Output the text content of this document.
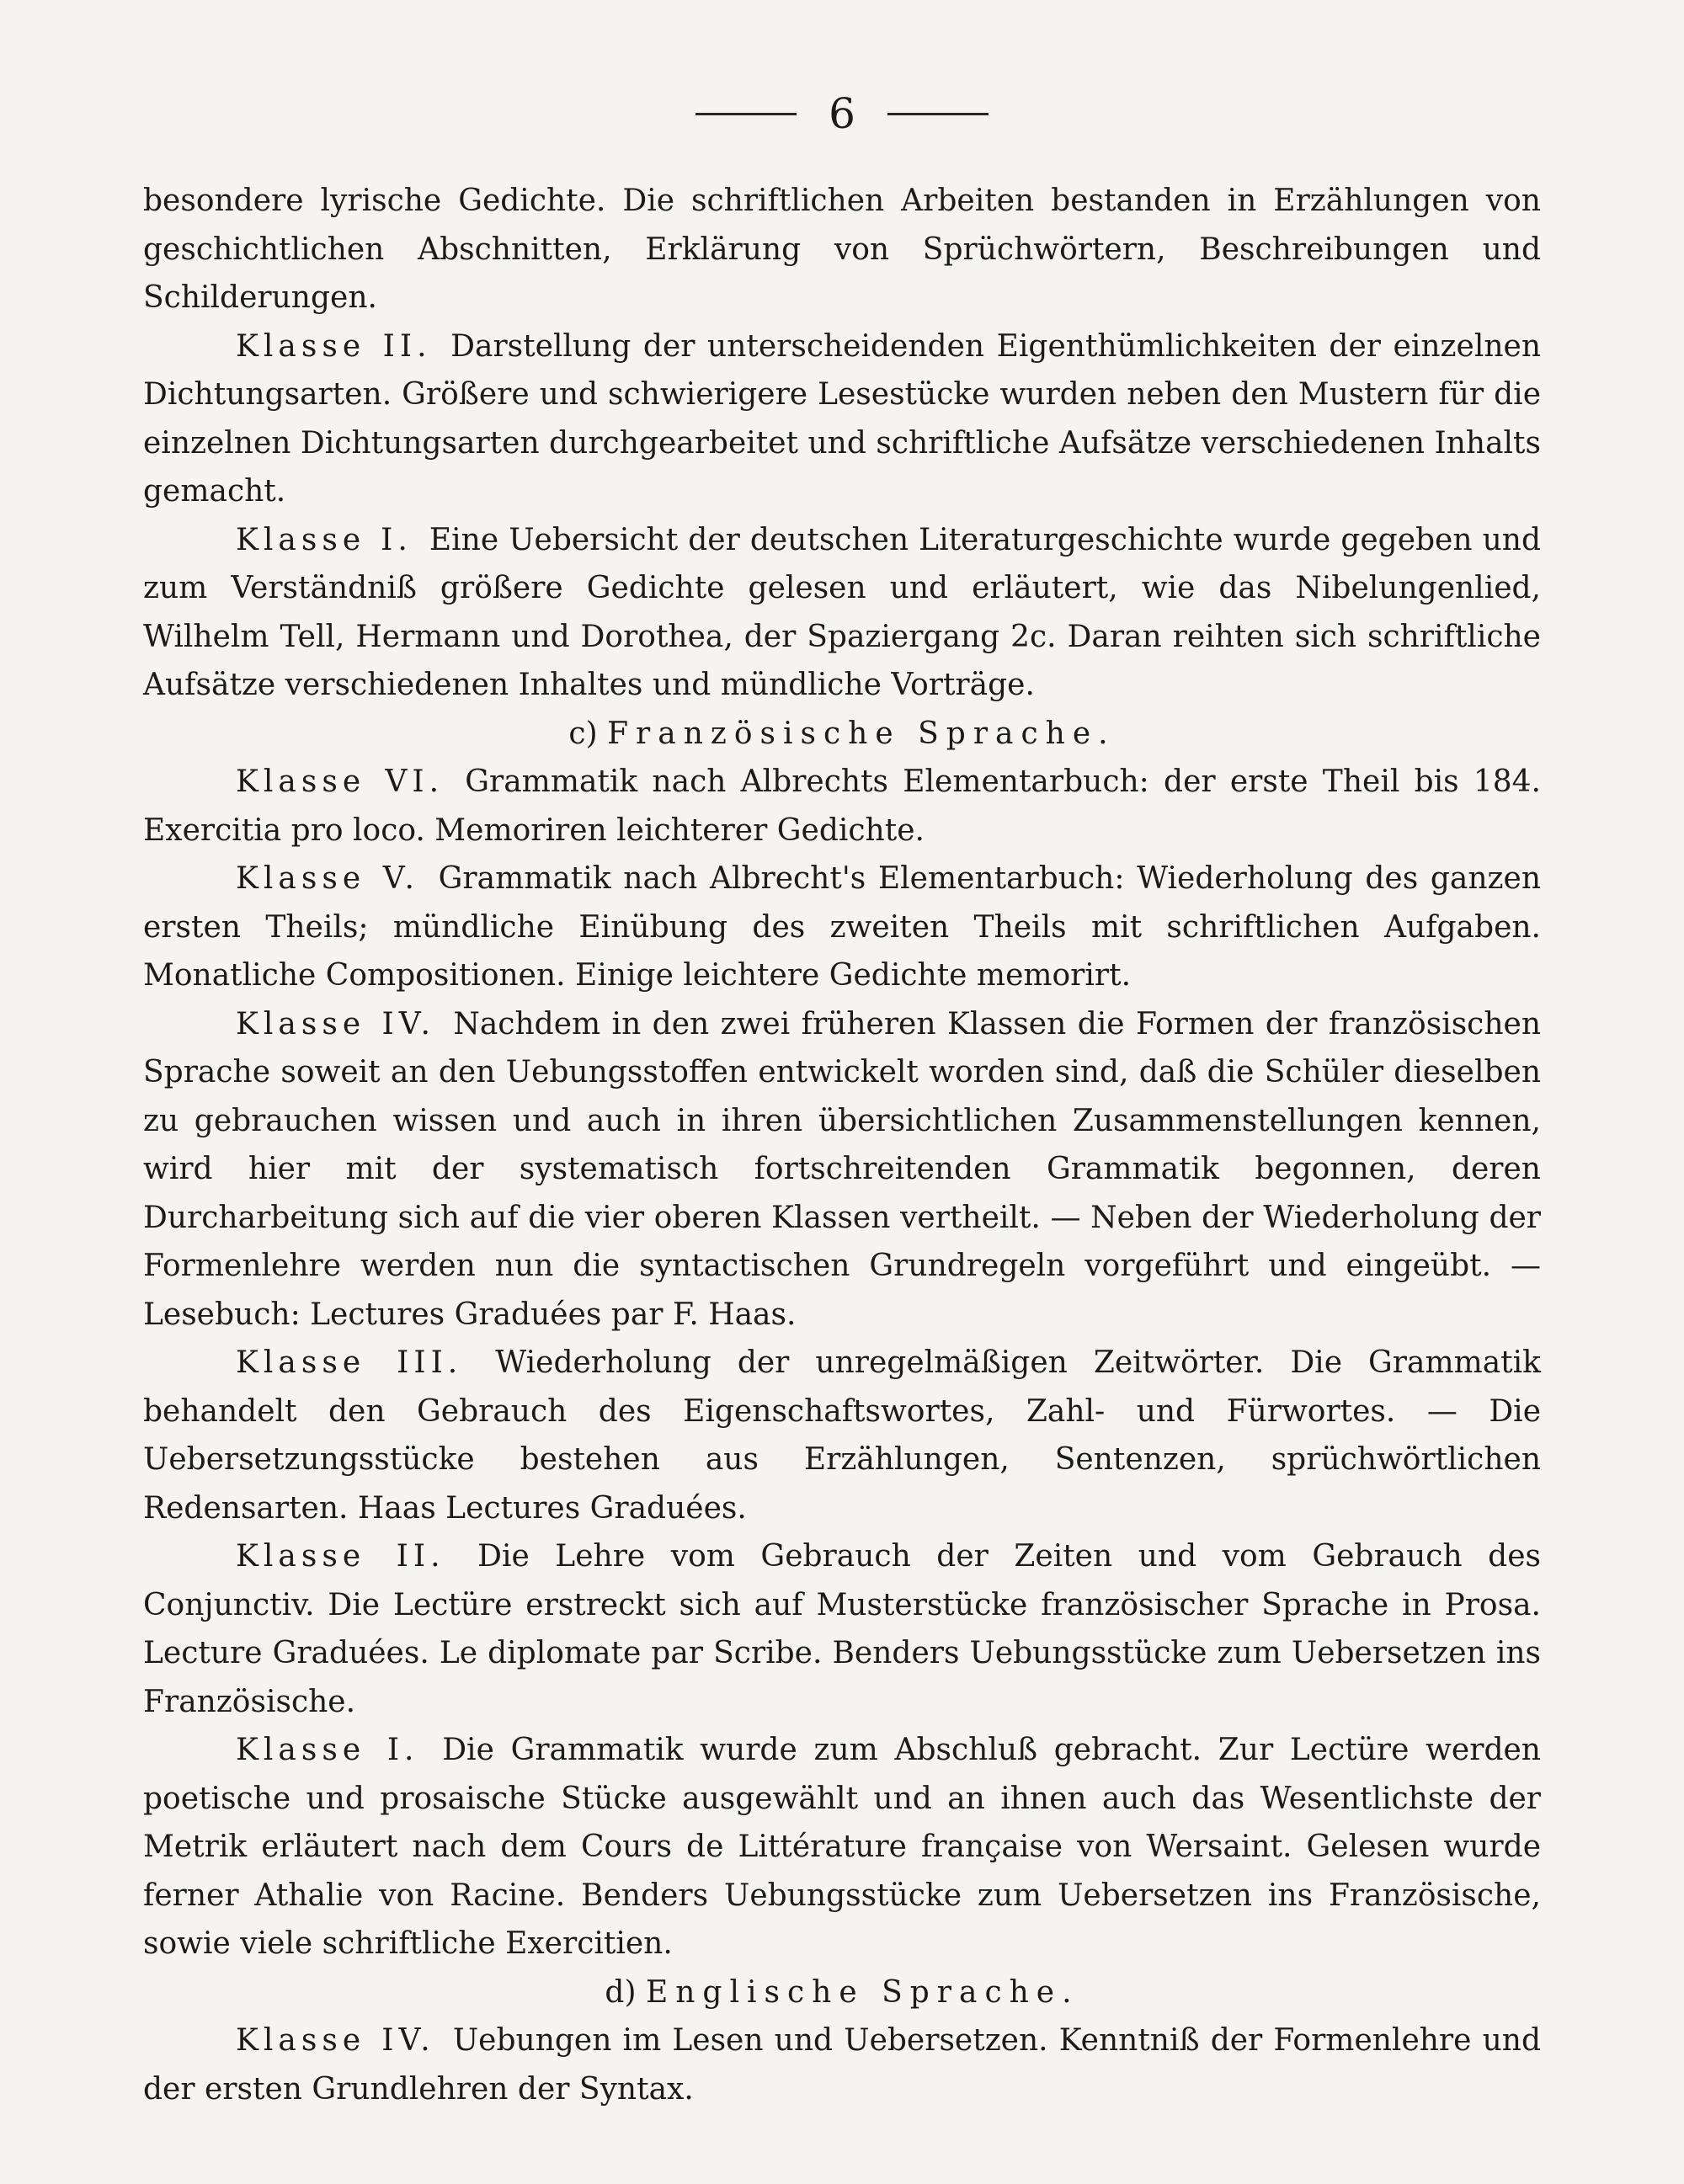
6

besondere lyrische Gedichte. Die schriftlichen Arbeiten bestanden in Erzählungen von geschichtlichen Abschnitten, Erklärung von Sprüchwörtern, Beschreibungen und Schilderungen.

Klasse II. Darstellung der unterscheidenden Eigenthümlichkeiten der einzelnen Dichtungsarten. Größere und schwierigere Lesestücke wurden neben den Mustern für die einzelnen Dichtungsarten durchgearbeitet und schriftliche Aufsätze verschiedenen Inhalts gemacht.

Klasse I. Eine Uebersicht der deutschen Literaturgeschichte wurde gegeben und zum Verständniß größere Gedichte gelesen und erläutert, wie das Nibelungenlied, Wilhelm Tell, Hermann und Dorothea, der Spaziergang 2c. Daran reihten sich schriftliche Aufsätze verschiedenen Inhaltes und mündliche Vorträge.

c) Französische Sprache.

Klasse VI. Grammatik nach Albrechts Elementarbuch: der erste Theil bis 184. Exercitia pro loco. Memoriren leichterer Gedichte.

Klasse V. Grammatik nach Albrecht's Elementarbuch: Wiederholung des ganzen ersten Theils; mündliche Einübung des zweiten Theils mit schriftlichen Aufgaben. Monatliche Compositionen. Einige leichtere Gedichte memorirt.

Klasse IV. Nachdem in den zwei früheren Klassen die Formen der französischen Sprache soweit an den Uebungsstoffen entwickelt worden sind, daß die Schüler dieselben zu gebrauchen wissen und auch in ihren übersichtlichen Zusammenstellungen kennen, wird hier mit der systematisch fortschreitenden Grammatik begonnen, deren Durcharbeitung sich auf die vier oberen Klassen vertheilt. — Neben der Wiederholung der Formenlehre werden nun die syntactischen Grundregeln vorgeführt und eingeübt. — Lesebuch: Lectures Graduées par F. Haas.

Klasse III. Wiederholung der unregelmäßigen Zeitwörter. Die Grammatik behandelt den Gebrauch des Eigenschaftswortes, Zahl- und Fürwortes. — Die Uebersetzungsstücke bestehen aus Erzählungen, Sentenzen, sprüchwörtlichen Redensarten. Haas Lectures Graduées.

Klasse II. Die Lehre vom Gebrauch der Zeiten und vom Gebrauch des Conjunctiv. Die Lectüre erstreckt sich auf Musterstücke französischer Sprache in Prosa. Lecture Graduées. Le diplomate par Scribe. Benders Uebungsstücke zum Uebersetzen ins Französische.

Klasse I. Die Grammatik wurde zum Abschluß gebracht. Zur Lectüre werden poetische und prosaische Stücke ausgewählt und an ihnen auch das Wesentlichste der Metrik erläutert nach dem Cours de Littérature française von Wersaint. Gelesen wurde ferner Athalie von Racine. Benders Uebungsstücke zum Uebersetzen ins Französische, sowie viele schriftliche Exercitien.

d) Englische Sprache.

Klasse IV. Uebungen im Lesen und Uebersetzen. Kenntniß der Formenlehre und der ersten Grundlehren der Syntax.
